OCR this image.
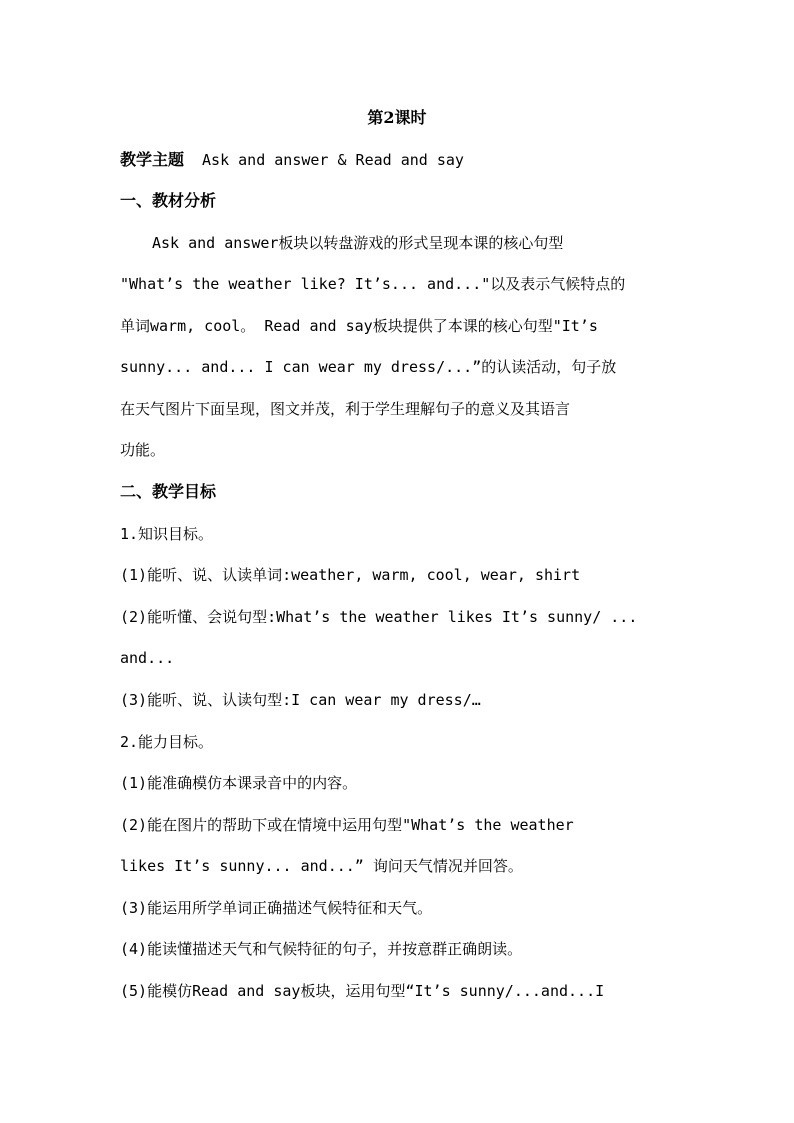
第2课时
教学主题 Ask and answer & Read and say
一、教材分析
Ask and answer板块以转盘游戏的形式呈现本课的核心句型
"What’s the weather like? It’s... and..."以及表示气候特点的
单词warm, cool。 Read and say板块提供了本课的核心句型"It’s
sunny... and... I can wear my dress/...”的认读活动，句子放
在天气图片下面呈现，图文并茂，利于学生理解句子的意义及其语言
功能。
二、教学目标
1.知识目标。
(1)能听、说、认读单词:weather, warm, cool, wear, shirt
(2)能听懂、会说句型:What’s the weather likes It’s sunny/ ...
and...
(3)能听、说、认读句型:I can wear my dress/…
2.能力目标。
(1)能准确模仿本课录音中的内容。
(2)能在图片的帮助下或在情境中运用句型"What’s the weather
likes It’s sunny... and...” 询问天气情况并回答。
(3)能运用所学单词正确描述气候特征和天气。
(4)能读懂描述天气和气候特征的句子，并按意群正确朗读。
(5)能模仿Read and say板块，运用句型“It’s sunny/...and...I
